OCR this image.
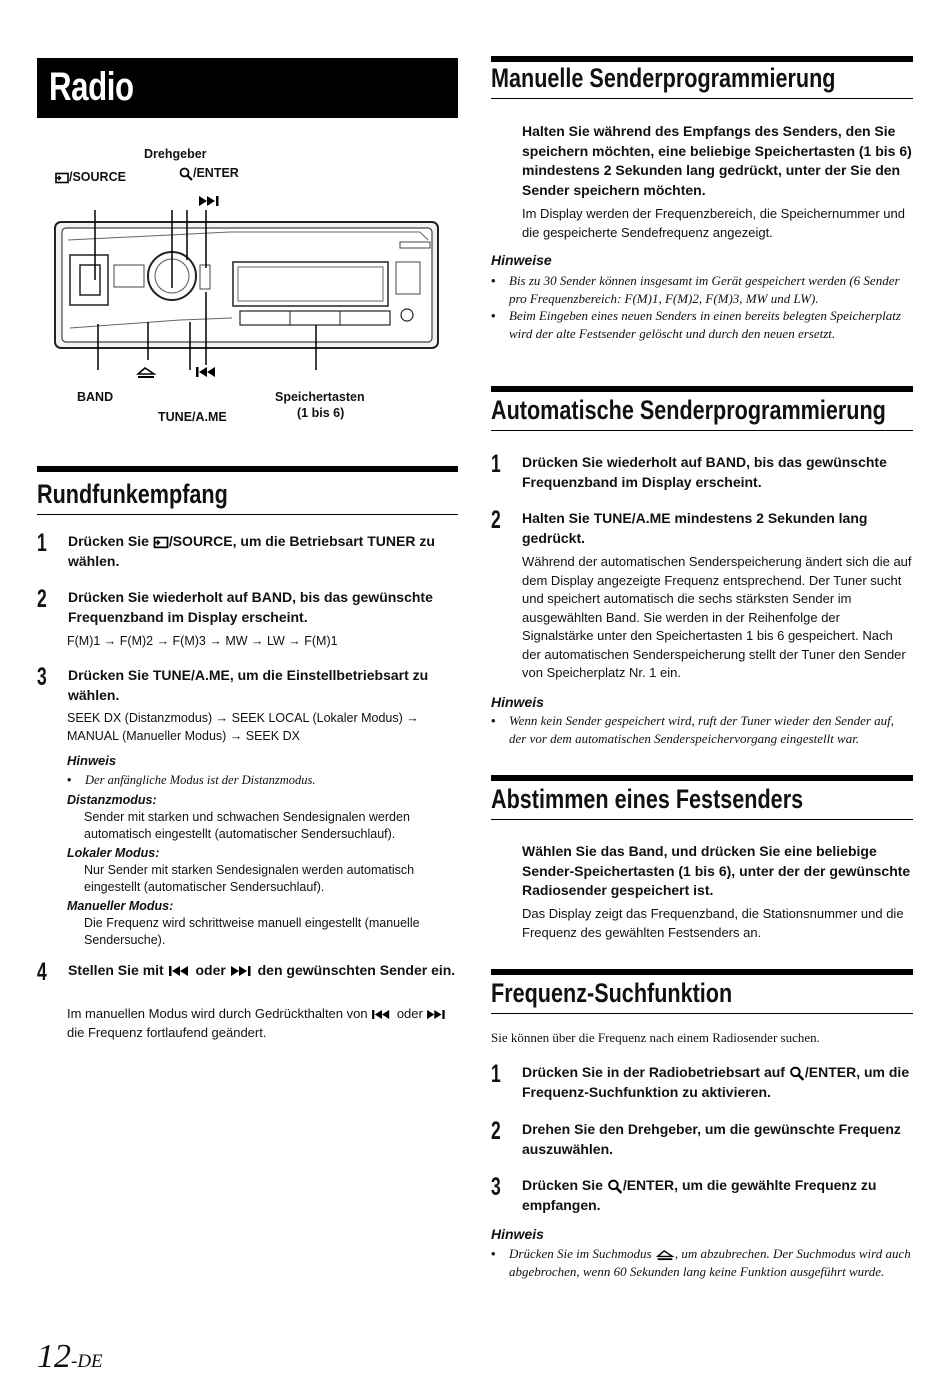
Radio
Drehgeber
/SOURCE	/ENTER
BAND
TUNE/A.ME
Speichertasten
(1 bis 6)
Rundfunkempfang
1 Drücken Sie /SOURCE, um die Betriebsart TUNER zu wählen.
2 Drücken Sie wiederholt auf BAND, bis das gewünschte Frequenzband im Display erscheint.
F(M)1 → F(M)2 → F(M)3 → MW → LW → F(M)1
3 Drücken Sie TUNE/A.ME, um die Einstellbetriebsart zu wählen.
SEEK DX (Distanzmodus) → SEEK LOCAL (Lokaler Modus) →
MANUAL (Manueller Modus) → SEEK DX
Hinweis
•	Der anfängliche Modus ist der Distanzmodus.
Distanzmodus:
Sender mit starken und schwachen Sendesignalen werden automatisch eingestellt (automatischer Sendersuchlauf).
Lokaler Modus:
Nur Sender mit starken Sendesignalen werden automatisch eingestellt (automatischer Sendersuchlauf).
Manueller Modus:
Die Frequenz wird schrittweise manuell eingestellt (manuelle Sendersuche).
4 Stellen Sie mit  oder  den gewünschten Sender ein.
Im manuellen Modus wird durch Gedrückthalten von  oder  die Frequenz fortlaufend geändert.
Manuelle Senderprogrammierung
Halten Sie während des Empfangs des Senders, den Sie speichern möchten, eine beliebige Speichertasten (1 bis 6) mindestens 2 Sekunden lang gedrückt, unter der Sie den Sender speichern möchten.
Im Display werden der Frequenzbereich, die Speichernummer und die gespeicherte Sendefrequenz angezeigt.
Hinweise
•	Bis zu 30 Sender können insgesamt im Gerät gespeichert werden (6 Sender pro Frequenzbereich: F(M)1, F(M)2, F(M)3, MW und LW).
•	Beim Eingeben eines neuen Senders in einen bereits belegten Speicherplatz wird der alte Festsender gelöscht und durch den neuen ersetzt.
Automatische Senderprogrammierung
1 Drücken Sie wiederholt auf BAND, bis das gewünschte Frequenzband im Display erscheint.
2 Halten Sie TUNE/A.ME mindestens 2 Sekunden lang gedrückt.
Während der automatischen Senderspeicherung ändert sich die auf dem Display angezeigte Frequenz entsprechend. Der Tuner sucht und speichert automatisch die sechs stärksten Sender im ausgewählten Band. Sie werden in der Reihenfolge der Signalstärke unter den Speichertasten 1 bis 6 gespeichert. Nach der automatischen Senderspeicherung stellt der Tuner den Sender von Speicherplatz Nr. 1 ein.
Hinweis
•	Wenn kein Sender gespeichert wird, ruft der Tuner wieder den Sender auf, der vor dem automatischen Senderspeichervorgang eingestellt war.
Abstimmen eines Festsenders
Wählen Sie das Band, und drücken Sie eine beliebige Sender-Speichertasten (1 bis 6), unter der der gewünschte Radiosender gespeichert ist.
Das Display zeigt das Frequenzband, die Stationsnummer und die Frequenz des gewählten Festsenders an.
Frequenz-Suchfunktion
Sie können über die Frequenz nach einem Radiosender suchen.
1 Drücken Sie in der Radiobetriebsart auf /ENTER, um die Frequenz-Suchfunktion zu aktivieren.
2 Drehen Sie den Drehgeber, um die gewünschte Frequenz auszuwählen.
3 Drücken Sie /ENTER, um die gewählte Frequenz zu empfangen.
Hinweis
•	Drücken Sie im Suchmodus , um abzubrechen. Der Suchmodus wird auch abgebrochen, wenn 60 Sekunden lang keine Funktion ausgeführt wurde.
12-DE
